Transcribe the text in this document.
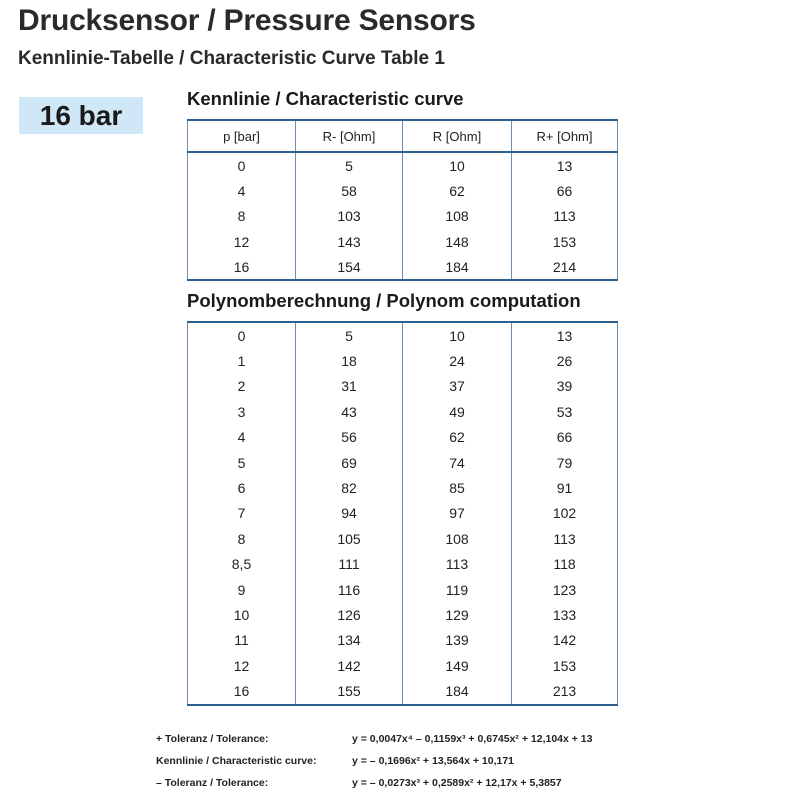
Drucksensor / Pressure Sensors
Kennlinie-Tabelle / Characteristic Curve Table 1
16 bar
Kennlinie / Characteristic curve
p [bar]	R- [Ohm]	R [Ohm]	R+ [Ohm]
0	5	10	13
4	58	62	66
8	103	108	113
12	143	148	153
16	154	184	214
Polynomberechnung / Polynom computation
0	5	10	13
1	18	24	26
2	31	37	39
3	43	49	53
4	56	62	66
5	69	74	79
6	82	85	91
7	94	97	102
8	105	108	113
8,5	111	113	118
9	116	119	123
10	126	129	133
11	134	139	142
12	142	149	153
16	155	184	213
+ Toleranz / Tolerance:	y = 0,0047x⁴ – 0,1159x³ + 0,6745x² + 12,104x + 13
Kennlinie / Characteristic curve:	y = – 0,1696x² + 13,564x + 10,171
– Toleranz / Tolerance:	y = – 0,0273x³ + 0,2589x² + 12,17x + 5,3857
